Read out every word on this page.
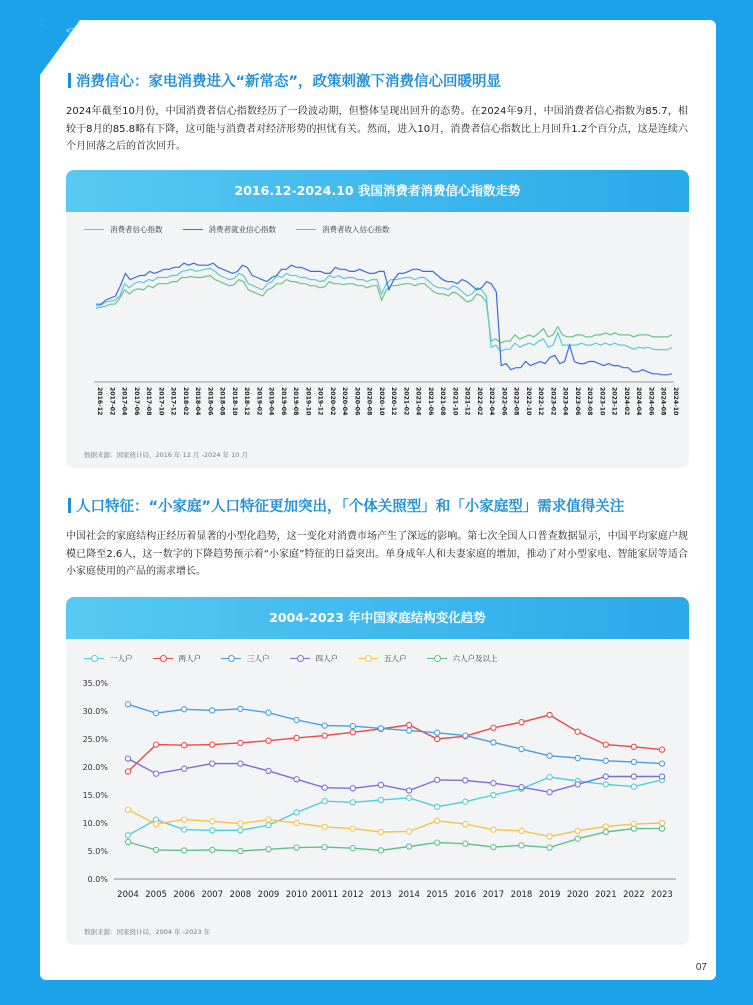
<2025>OCEAN ENGINE
消费信心：家电消费进入“新常态”，政策刺激下消费信心回暖明显
2024年截至10月份，中国消费者信心指数经历了一段波动期，但整体呈现出回升的态势。在2024年9月，中国消费者信心指数为85.7，相较于8月的85.8略有下降，这可能与消费者对经济形势的担忧有关。然而，进入10月，消费者信心指数比上月回升1.2个百分点，这是连续六个月回落之后的首次回升。
2016.12-2024.10 我国消费者消费信心指数走势
消费者信心指数	消费者就业信心指数	消费者收入信心指数
2016-12 2017-02 2017-04 2017-06 2017-08 2017-10 2017-12 2018-02 2018-04 2018-06 2018-08 2018-10 2018-12 2019-02 2019-04 2019-06 2019-08 2019-10 2019-12 2020-02 2020-04 2020-06 2020-08 2020-10 2020-12 2021-02 2021-04 2021-06 2021-08 2021-10 2021-12 2022-02 2022-04 2022-06 2022-08 2022-10 2022-12 2023-02 2023-04 2023-06 2023-08 2023-10 2023-12 2024-02 2024-04 2024-06 2024-08 2024-10
数据来源：国家统计局，2016 年 12 月 -2024 年 10 月
人口特征：“小家庭”人口特征更加突出，「个体关照型」和「小家庭型」需求值得关注
中国社会的家庭结构正经历着显著的小型化趋势，这一变化对消费市场产生了深远的影响。第七次全国人口普查数据显示，中国平均家庭户规模已降至2.6人，这一数字的下降趋势预示着“小家庭”特征的日益突出。单身成年人和夫妻家庭的增加，推动了对小型家电、智能家居等适合小家庭使用的产品的需求增长。
2004-2023 年中国家庭结构变化趋势
一人户	两人户	三人户	四人户	五人户	六人户及以上
0.0%
5.0%
10.0%
15.0%
20.0%
25.0%
30.0%
35.0%
2004 2005 2006 2007 2008 2009 2010 20011 2012 2013 2014 2015 2016 2017 2018 2019 2020 2021 2022 2023
数据来源：国家统计局，2004 年 -2023 年
07
